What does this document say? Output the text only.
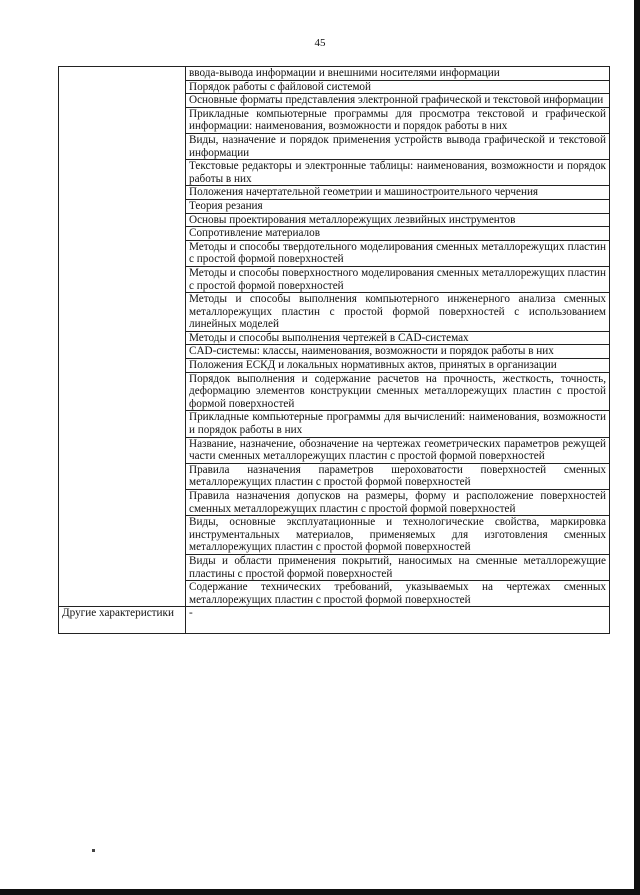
45
	ввода-вывода информации и внешними носителями информации
	Порядок работы с файловой системой
	Основные форматы представления электронной графической и текстовой информации
	Прикладные компьютерные программы для просмотра текстовой и графической информации: наименования, возможности и порядок работы в них
	Виды, назначение и порядок применения устройств вывода графической и текстовой информации
	Текстовые редакторы и электронные таблицы: наименования, возможности и порядок работы в них
	Положения начертательной геометрии и машиностроительного черчения
	Теория резания
	Основы проектирования металлорежущих лезвийных инструментов
	Сопротивление материалов
	Методы и способы твердотельного моделирования сменных металлорежущих пластин с простой формой поверхностей
	Методы и способы поверхностного моделирования сменных металлорежущих пластин с простой формой поверхностей
	Методы и способы выполнения компьютерного инженерного анализа сменных металлорежущих пластин с простой формой поверхностей с использованием линейных моделей
	Методы и способы выполнения чертежей в CAD-системах
	CAD-системы: классы, наименования, возможности и порядок работы в них
	Положения ЕСКД и локальных нормативных актов, принятых в организации
	Порядок выполнения и содержание расчетов на прочность, жесткость, точность, деформацию элементов конструкции сменных металлорежущих пластин с простой формой поверхностей
	Прикладные компьютерные программы для вычислений: наименования, возможности и порядок работы в них
	Название, назначение, обозначение на чертежах геометрических параметров режущей части сменных металлорежущих пластин с простой формой поверхностей
	Правила назначения параметров шероховатости поверхностей сменных металлорежущих пластин с простой формой поверхностей
	Правила назначения допусков на размеры, форму и расположение поверхностей сменных металлорежущих пластин с простой формой поверхностей
	Виды, основные эксплуатационные и технологические свойства, маркировка инструментальных материалов, применяемых для изготовления сменных металлорежущих пластин с простой формой поверхностей
	Виды и области применения покрытий, наносимых на сменные металлорежущие пластины с простой формой поверхностей
	Содержание технических требований, указываемых на чертежах сменных металлорежущих пластин с простой формой поверхностей
Другие характеристики	-
